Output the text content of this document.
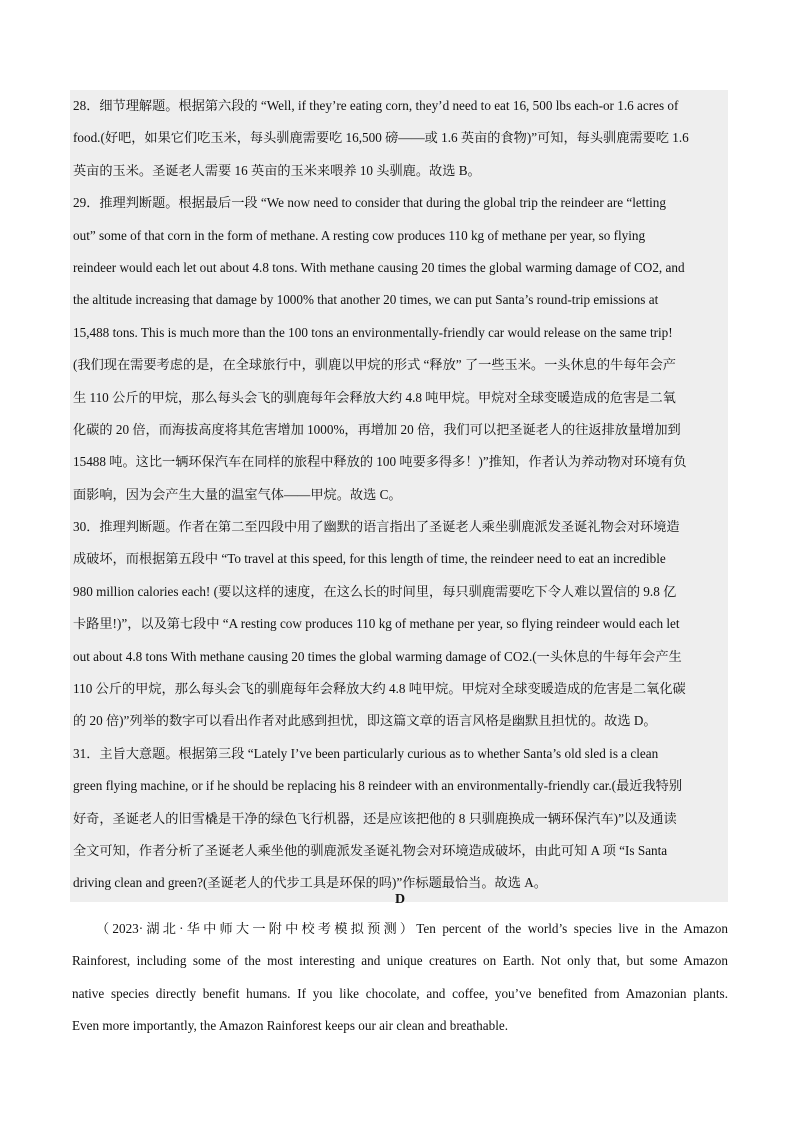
28．细节理解题。根据第六段的 “Well, if they’re eating corn, they’d need to eat 16, 500 lbs each-or 1.6 acres of
food.(好吧，如果它们吃玉米，每头驯鹿需要吃 16,500 磅——或 1.6 英亩的食物)”可知，每头驯鹿需要吃 1.6
英亩的玉米。圣诞老人需要 16 英亩的玉米来喂养 10 头驯鹿。故选 B。
29．推理判断题。根据最后一段 “We now need to consider that during the global trip the reindeer are “letting
out” some of that corn in the form of methane. A resting cow produces 110 kg of methane per year, so flying
reindeer would each let out about 4.8 tons. With methane causing 20 times the global warming damage of CO2, and
the altitude increasing that damage by 1000% that another 20 times, we can put Santa’s round-trip emissions at
15,488 tons. This is much more than the 100 tons an environmentally-friendly car would release on the same trip!
(我们现在需要考虑的是，在全球旅行中，驯鹿以甲烷的形式 “释放” 了一些玉米。一头休息的牛每年会产
生 110 公斤的甲烷，那么每头会飞的驯鹿每年会释放大约 4.8 吨甲烷。甲烷对全球变暖造成的危害是二氧
化碳的 20 倍，而海拔高度将其危害增加 1000%，再增加 20 倍，我们可以把圣诞老人的往返排放量增加到
15488 吨。这比一辆环保汽车在同样的旅程中释放的 100 吨要多得多！)”推知，作者认为养动物对环境有负
面影响，因为会产生大量的温室气体——甲烷。故选 C。
30．推理判断题。作者在第二至四段中用了幽默的语言指出了圣诞老人乘坐驯鹿派发圣诞礼物会对环境造
成破坏，而根据第五段中 “To travel at this speed, for this length of time, the reindeer need to eat an incredible
980 million calories each! (要以这样的速度，在这么长的时间里，每只驯鹿需要吃下令人难以置信的 9.8 亿
卡路里!)”，以及第七段中 “A resting cow produces 110 kg of methane per year, so flying reindeer would each let
out about 4.8 tons With methane causing 20 times the global warming damage of CO2.(一头休息的牛每年会产生
110 公斤的甲烷，那么每头会飞的驯鹿每年会释放大约 4.8 吨甲烷。甲烷对全球变暖造成的危害是二氧化碳
的 20 倍)”列举的数字可以看出作者对此感到担忧，即这篇文章的语言风格是幽默且担忧的。故选 D。
31．主旨大意题。根据第三段 “Lately I’ve been particularly curious as to whether Santa’s old sled is a clean
green flying machine, or if he should be replacing his 8 reindeer with an environmentally-friendly car.(最近我特别
好奇，圣诞老人的旧雪橇是干净的绿色飞行机器，还是应该把他的 8 只驯鹿换成一辆环保汽车)”以及通读
全文可知，作者分析了圣诞老人乘坐他的驯鹿派发圣诞礼物会对环境造成破坏，由此可知 A 项 “Is Santa
driving clean and green?(圣诞老人的代步工具是环保的吗)”作标题最恰当。故选 A。
D
（2023·湖北·华中师大一附中校考模拟预测）Ten percent of the world’s species live in the Amazon
Rainforest, including some of the most interesting and unique creatures on Earth. Not only that, but some Amazon
native species directly benefit humans. If you like chocolate, and coffee, you’ve benefited from Amazonian plants.
Even more importantly, the Amazon Rainforest keeps our air clean and breathable.
